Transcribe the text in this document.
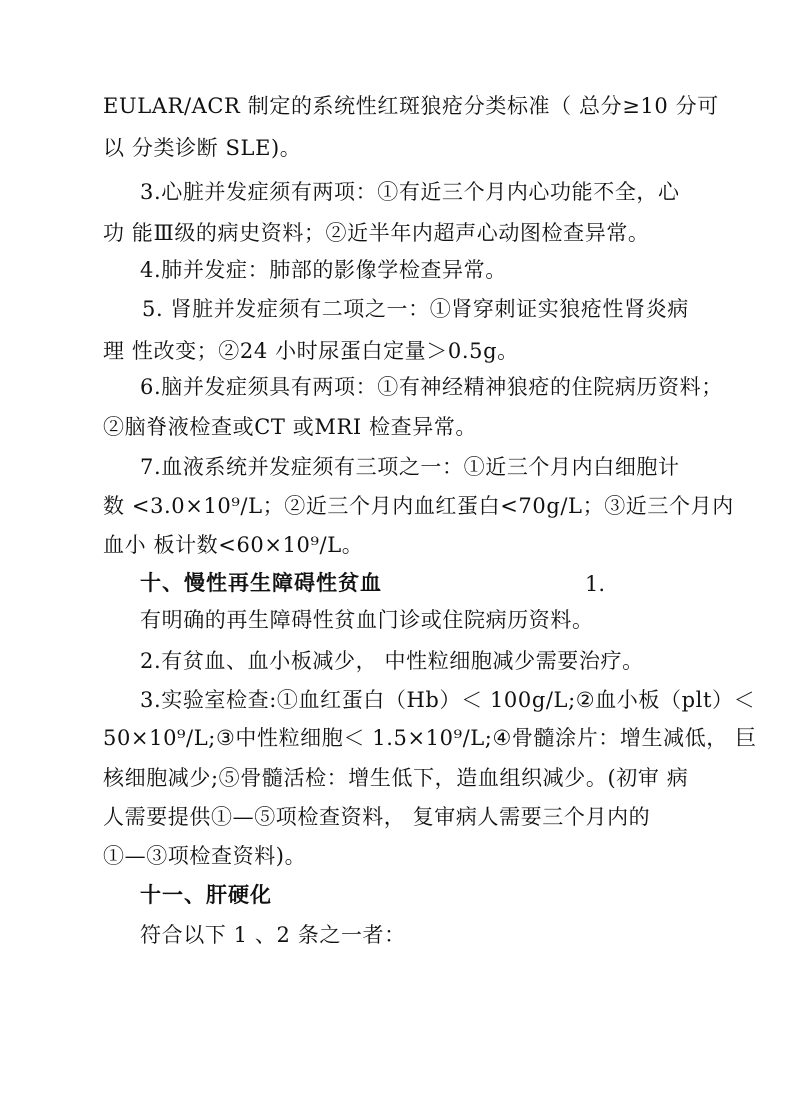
EULAR/ACR 制定的系统性红斑狼疮分类标准（ 总分≥10 分可
以 分类诊断 SLE)。
3.心脏并发症须有两项：①有近三个月内心功能不全，心
功 能Ⅲ级的病史资料；②近半年内超声心动图检查异常。
4.肺并发症：肺部的影像学检查异常。
5. 肾脏并发症须有二项之一：①肾穿刺证实狼疮性肾炎病
理 性改变；②24 小时尿蛋白定量＞0.5g。
6.脑并发症须具有两项：①有神经精神狼疮的住院病历资料；
②脑脊液检查或CT 或MRI 检查异常。
7.血液系统并发症须有三项之一：①近三个月内白细胞计
数 <3.0×10⁹/L；②近三个月内血红蛋白<70g/L；③近三个月内
血小 板计数<60×10⁹/L。
十、慢性再生障碍性贫血	1.
有明确的再生障碍性贫血门诊或住院病历资料。
2.有贫血、血小板减少， 中性粒细胞减少需要治疗。
3.实验室检查:①血红蛋白（Hb）＜ 100g/L;②血小板（plt）＜
50×10⁹/L;③中性粒细胞＜ 1.5×10⁹/L;④骨髓涂片：增生减低， 巨
核细胞减少;⑤骨髓活检：增生低下，造血组织减少。(初审 病
人需要提供①—⑤项检查资料， 复审病人需要三个月内的
①—③项检查资料)。
十一、肝硬化
符合以下 1 、2 条之一者：
